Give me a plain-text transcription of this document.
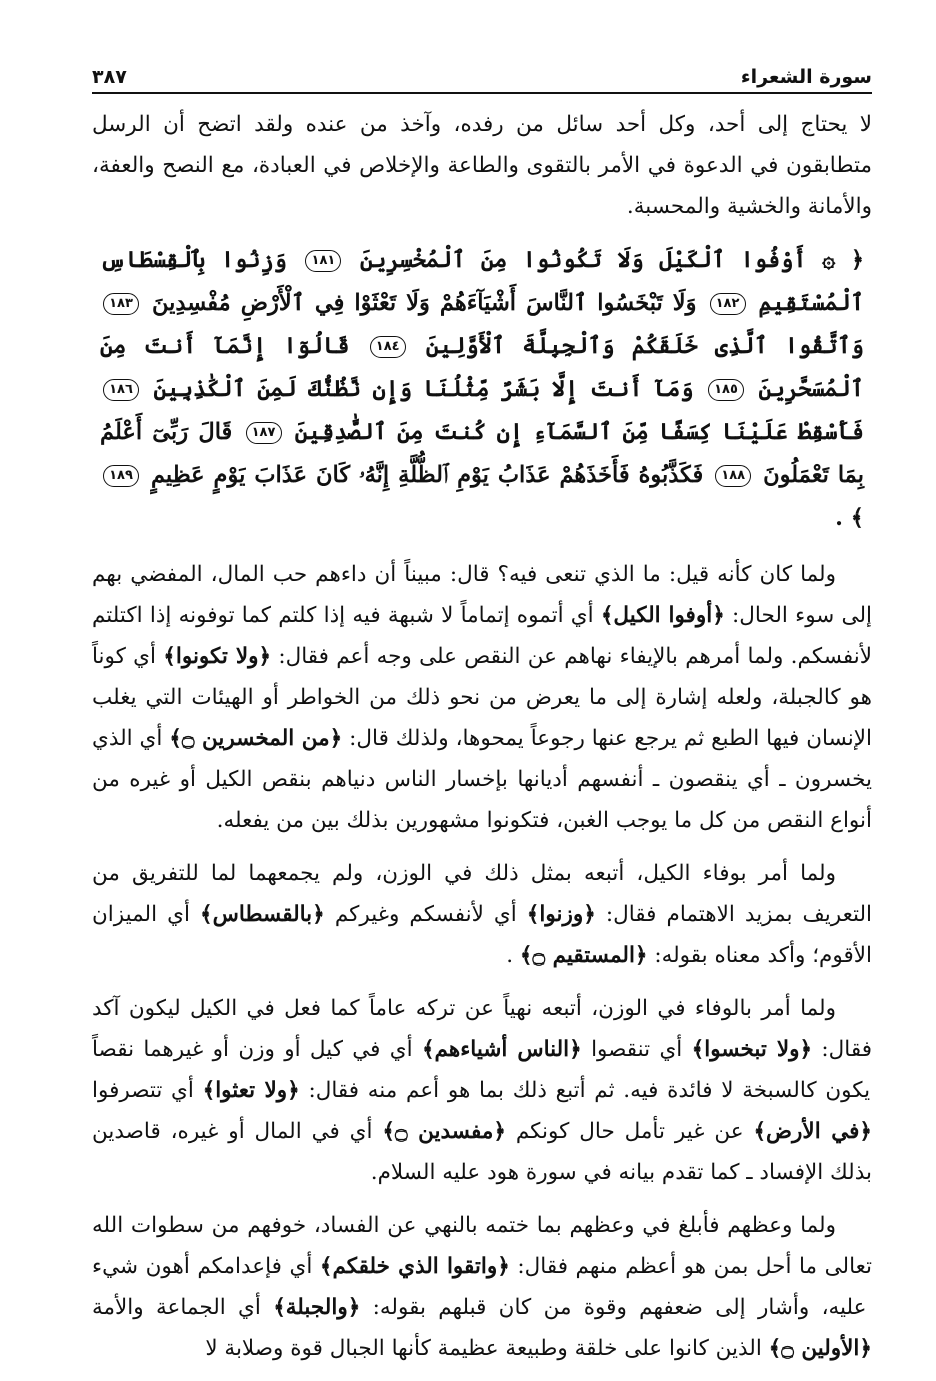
سورة الشعراء
٣٨٧

لا يحتاج إلى أحد، وكل أحد سائل من رفده، وآخذ من عنده ولقد اتضح أن الرسل متطابقون في الدعوة في الأمر بالتقوى والطاعة والإخلاص في العبادة، مع النصح والعفة، والأمانة والخشية والمحسبة.

﴿ ۞ أَوْفُوا ٱلْكَيْلَ وَلَا تَكُونُوا مِنَ ٱلْمُخْسِرِينَ ١٨١ وَزِنُوا بِٱلْقِسْطَاسِ ٱلْمُسْتَقِيمِ ١٨٢ وَلَا تَبْخَسُوا ٱلنَّاسَ أَشْيَآءَهُمْ وَلَا تَعْثَوْا فِي ٱلْأَرْضِ مُفْسِدِينَ ١٨٣ وَٱتَّقُوا ٱلَّذِى خَلَقَكُمْ وَٱلْجِبِلَّةَ ٱلْأَوَّلِينَ ١٨٤ قَالُوٓا إِنَّمَآ أَنتَ مِنَ ٱلْمُسَحَّرِينَ ١٨٥ وَمَآ أَنتَ إِلَّا بَشَرٌ مِّثْلُنَا وَإِن نَّظُنُّكَ لَمِنَ ٱلْكَٰذِبِينَ ١٨٦ فَأَسْقِطْ عَلَيْنَا كِسَفًا مِّنَ ٱلسَّمَآءِ إِن كُنتَ مِنَ ٱلصَّٰدِقِينَ ١٨٧ قَالَ رَبِّىٓ أَعْلَمُ بِمَا تَعْمَلُونَ ١٨٨ فَكَذَّبُوهُ فَأَخَذَهُمْ عَذَابُ يَوْمِ ٱلظُّلَّةِ إِنَّهُۥ كَانَ عَذَابَ يَوْمٍ عَظِيمٍ ١٨٩ ﴾ .

ولما كان كأنه قيل: ما الذي تنعى فيه؟ قال: مبيناً أن داءهم حب المال، المفضي بهم إلى سوء الحال: ﴿أوفوا الكيل﴾ أي أتموه إتماماً لا شبهة فيه إذا كلتم كما توفونه إذا اكتلتم لأنفسكم. ولما أمرهم بالإيفاء نهاهم عن النقص على وجه أعم فقال: ﴿ولا تكونوا﴾ أي كوناً هو كالجبلة، ولعله إشارة إلى ما يعرض من نحو ذلك من الخواطر أو الهيئات التي يغلب الإنسان فيها الطبع ثم يرجع عنها رجوعاً يمحوها، ولذلك قال: ﴿من المخسرين ۝﴾ أي الذي يخسرون ـ أي ينقصون ـ أنفسهم أديانها بإخسار الناس دنياهم بنقص الكيل أو غيره من أنواع النقص من كل ما يوجب الغبن، فتكونوا مشهورين بذلك بين من يفعله.

ولما أمر بوفاء الكيل، أتبعه بمثل ذلك في الوزن، ولم يجمعهما لما للتفريق من التعريف بمزيد الاهتمام فقال: ﴿وزنوا﴾ أي لأنفسكم وغيركم ﴿بالقسطاس﴾ أي الميزان الأقوم؛ وأكد معناه بقوله: ﴿المستقيم ۝﴾ .

ولما أمر بالوفاء في الوزن، أتبعه نهياً عن تركه عاماً كما فعل في الكيل ليكون آكد فقال: ﴿ولا تبخسوا﴾ أي تنقصوا ﴿الناس أشياءهم﴾ أي في كيل أو وزن أو غيرهما نقصاً يكون كالسبخة لا فائدة فيه. ثم أتبع ذلك بما هو أعم منه فقال: ﴿ولا تعثوا﴾ أي تتصرفوا ﴿في الأرض﴾ عن غير تأمل حال كونكم ﴿مفسدين ۝﴾ أي في المال أو غيره، قاصدين بذلك الإفساد ـ كما تقدم بيانه في سورة هود عليه السلام.

ولما وعظهم فأبلغ في وعظهم بما ختمه بالنهي عن الفساد، خوفهم من سطوات الله تعالى ما أحل بمن هو أعظم منهم فقال: ﴿واتقوا الذي خلقكم﴾ أي فإعدامكم أهون شيء عليه، وأشار إلى ضعفهم وقوة من كان قبلهم بقوله: ﴿والجبلة﴾ أي الجماعة والأمة ﴿الأولين ۝﴾ الذين كانوا على خلقة وطبيعة عظيمة كأنها الجبال قوة وصلابة لا
